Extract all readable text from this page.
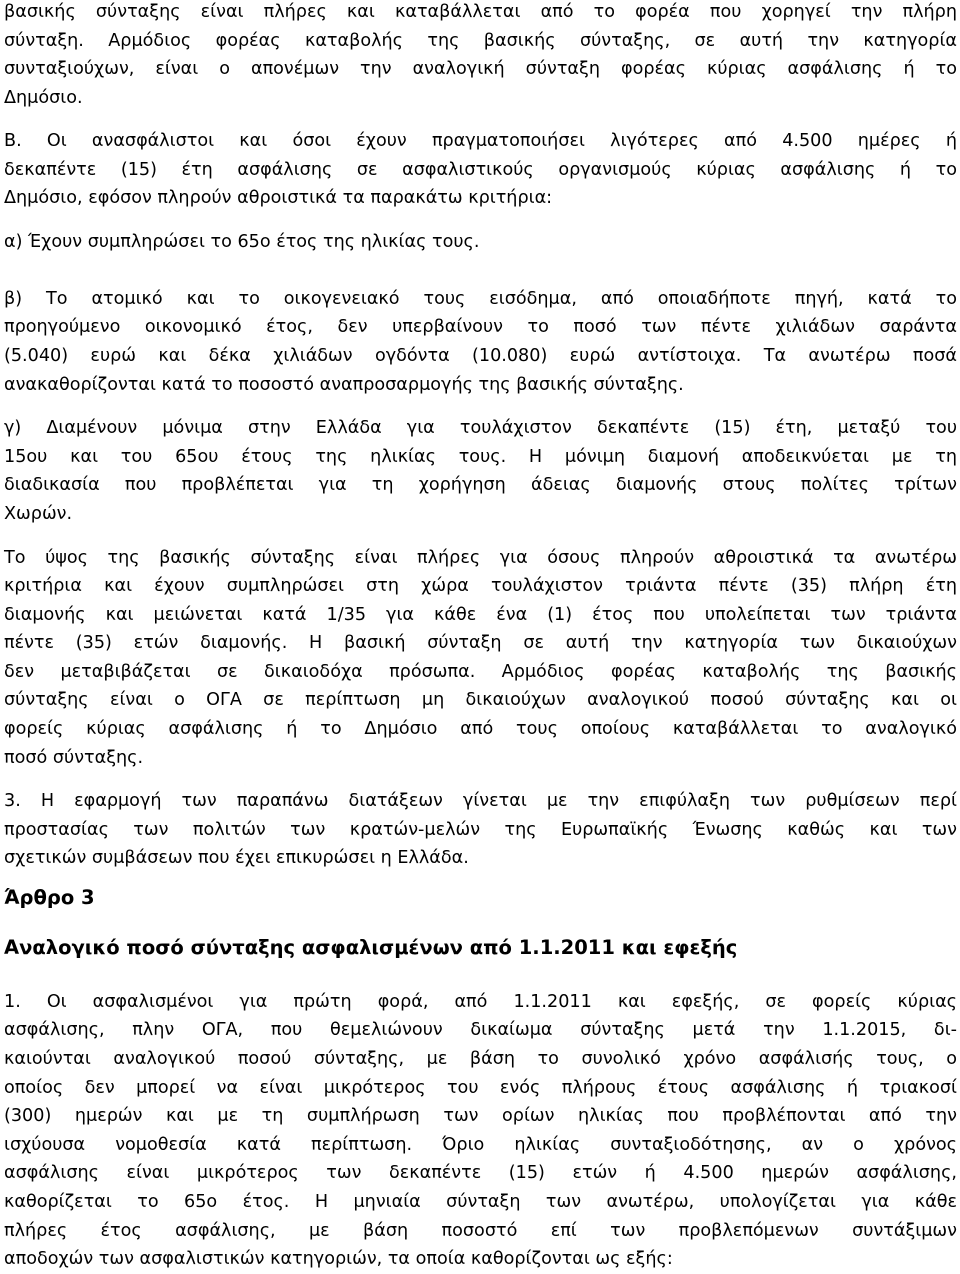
βασικής σύνταξης είναι πλήρες και καταβάλλεται από το φορέα που χορηγεί την πλήρη
σύνταξη. Αρμόδιος φορέας καταβολής της βασικής σύνταξης, σε αυτή την κατηγορία
συνταξιούχων, είναι ο απονέμων την αναλογική σύνταξη φορέας κύριας ασφάλισης ή το
Δημόσιο.
Β. Οι ανασφάλιστοι και όσοι έχουν πραγματοποιήσει λιγότερες από 4.500 ημέρες ή
δεκαπέντε (15) έτη ασφάλισης σε ασφαλιστικούς οργανισμούς κύριας ασφάλισης ή το
Δημόσιο, εφόσον πληρούν αθροιστικά τα παρακάτω κριτήρια:
α) Έχουν συμπληρώσει το 65ο έτος της ηλικίας τους.
β) Το ατομικό και το οικογενειακό τους εισόδημα, από οποιαδήποτε πηγή, κατά το
προηγούμενο οικονομικό έτος, δεν υπερβαίνουν το ποσό των πέντε χιλιάδων σαράντα
(5.040) ευρώ και δέκα χιλιάδων ογδόντα (10.080) ευρώ αντίστοιχα. Τα ανωτέρω ποσά
ανακαθορίζονται κατά το ποσοστό αναπροσαρμογής της βασικής σύνταξης.
γ) Διαμένουν μόνιμα στην Ελλάδα για τουλάχιστον δεκαπέντε (15) έτη, μεταξύ του
15ου και του 65ου έτους της ηλικίας τους. Η μόνιμη διαμονή αποδεικνύεται με τη
διαδικασία που προβλέπεται για τη χορήγηση άδειας διαμονής στους πολίτες τρίτων
Χωρών.
Το ύψος της βασικής σύνταξης είναι πλήρες για όσους πληρούν αθροιστικά τα ανωτέρω
κριτήρια και έχουν συμπληρώσει στη χώρα τουλάχιστον τριάντα πέντε (35) πλήρη έτη
διαμονής και μειώνεται κατά 1/35 για κάθε ένα (1) έτος που υπολείπεται των τριάντα
πέντε (35) ετών διαμονής. Η βασική σύνταξη σε αυτή την κατηγορία των δικαιούχων
δεν μεταβιβάζεται σε δικαιοδόχα πρόσωπα. Αρμόδιος φορέας καταβολής της βασικής
σύνταξης είναι ο ΟΓΑ σε περίπτωση μη δικαιούχων αναλογικού ποσού σύνταξης και οι
φορείς κύριας ασφάλισης ή το Δημόσιο από τους οποίους καταβάλλεται το αναλογικό
ποσό σύνταξης.
3. Η εφαρμογή των παραπάνω διατάξεων γίνεται με την επιφύλαξη των ρυθμίσεων περί
προστασίας των πολιτών των κρατών-μελών της Ευρωπαϊκής Ένωσης καθώς και των
σχετικών συμβάσεων που έχει επικυρώσει η Ελλάδα.
Άρθρο 3
Αναλογικό ποσό σύνταξης ασφαλισμένων από 1.1.2011 και εφεξής
1. Οι ασφαλισμένοι για πρώτη φορά, από 1.1.2011 και εφεξής, σε φορείς κύριας
ασφάλισης, πλην ΟΓΑ, που θεμελιώνουν δικαίωμα σύνταξης μετά την 1.1.2015, δι-
καιούνται αναλογικού ποσού σύνταξης, με βάση το συνολικό χρόνο ασφάλισής τους, ο
οποίος δεν μπορεί να είναι μικρότερος του ενός πλήρους έτους ασφάλισης ή τριακοσί
(300) ημερών και με τη συμπλήρωση των ορίων ηλικίας που προβλέπονται από την
ισχύουσα νομοθεσία κατά περίπτωση. Όριο ηλικίας συνταξιοδότησης, αν ο χρόνος
ασφάλισης είναι μικρότερος των δεκαπέντε (15) ετών ή 4.500 ημερών ασφάλισης,
καθορίζεται το 65ο έτος. Η μηνιαία σύνταξη των ανωτέρω, υπολογίζεται για κάθε
πλήρες έτος ασφάλισης, με βάση ποσοστό επί των προβλεπόμενων συντάξιμων
αποδοχών των ασφαλιστικών κατηγοριών, τα οποία καθορίζονται ως εξής:
